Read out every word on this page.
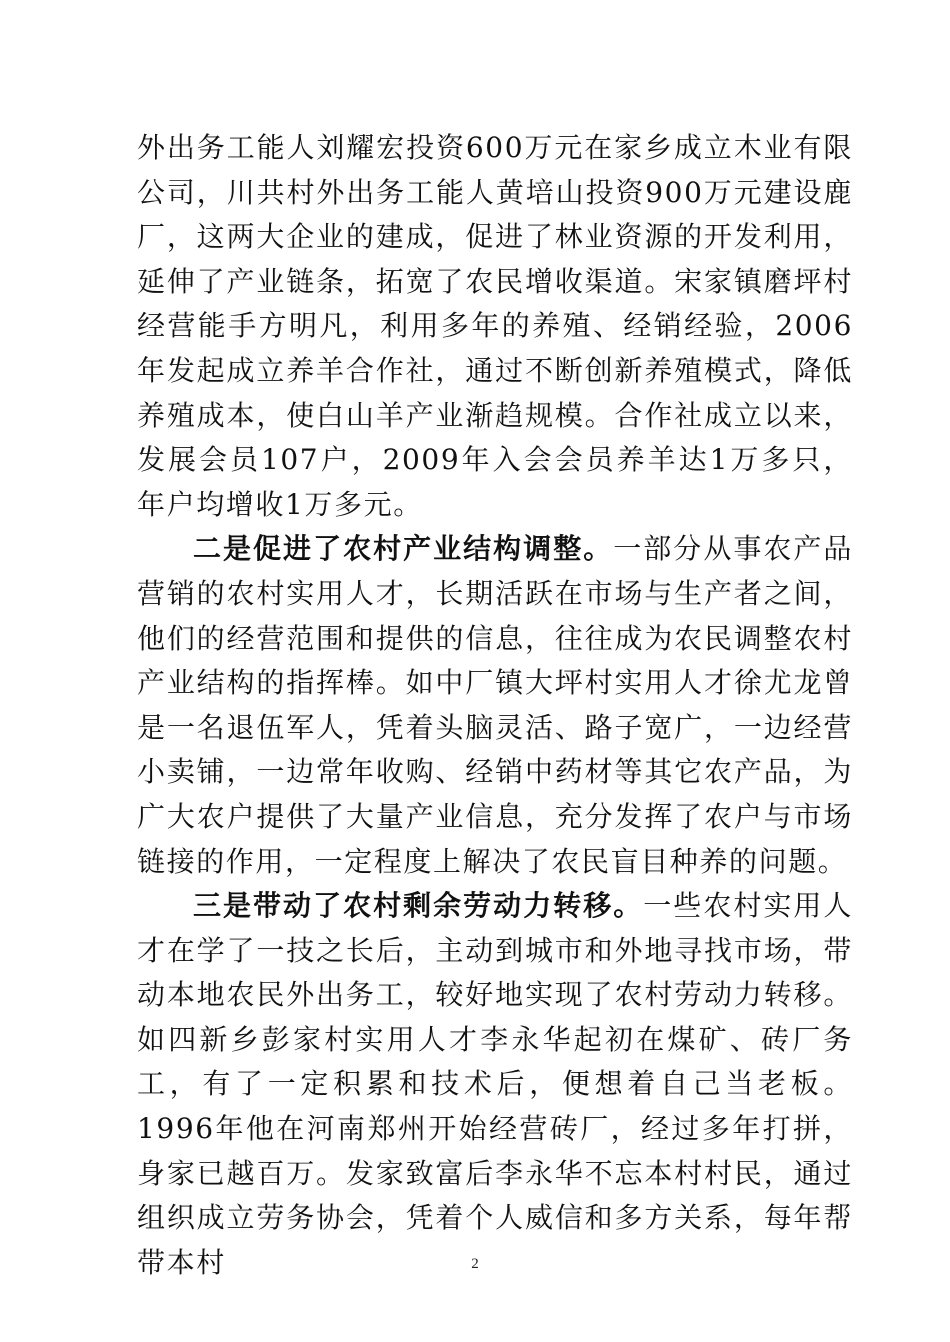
外出务工能人刘耀宏投资600万元在家乡成立木业有限公司，川共村外出务工能人黄培山投资900万元建设鹿厂，这两大企业的建成，促进了林业资源的开发利用，延伸了产业链条，拓宽了农民增收渠道。宋家镇磨坪村经营能手方明凡，利用多年的养殖、经销经验，2006年发起成立养羊合作社，通过不断创新养殖模式，降低养殖成本，使白山羊产业渐趋规模。合作社成立以来，发展会员107户，2009年入会会员养羊达1万多只，年户均增收1万多元。

二是促进了农村产业结构调整。一部分从事农产品营销的农村实用人才，长期活跃在市场与生产者之间，他们的经营范围和提供的信息，往往成为农民调整农村产业结构的指挥棒。如中厂镇大坪村实用人才徐尤龙曾是一名退伍军人，凭着头脑灵活、路子宽广，一边经营小卖铺，一边常年收购、经销中药材等其它农产品，为广大农户提供了大量产业信息，充分发挥了农户与市场链接的作用，一定程度上解决了农民盲目种养的问题。

三是带动了农村剩余劳动力转移。一些农村实用人才在学了一技之长后，主动到城市和外地寻找市场，带动本地农民外出务工，较好地实现了农村劳动力转移。如四新乡彭家村实用人才李永华起初在煤矿、砖厂务工，有了一定积累和技术后，便想着自己当老板。1996年他在河南郑州开始经营砖厂，经过多年打拼，身家已越百万。发家致富后李永华不忘本村村民，通过组织成立劳务协会，凭着个人威信和多方关系，每年帮带本村	2
